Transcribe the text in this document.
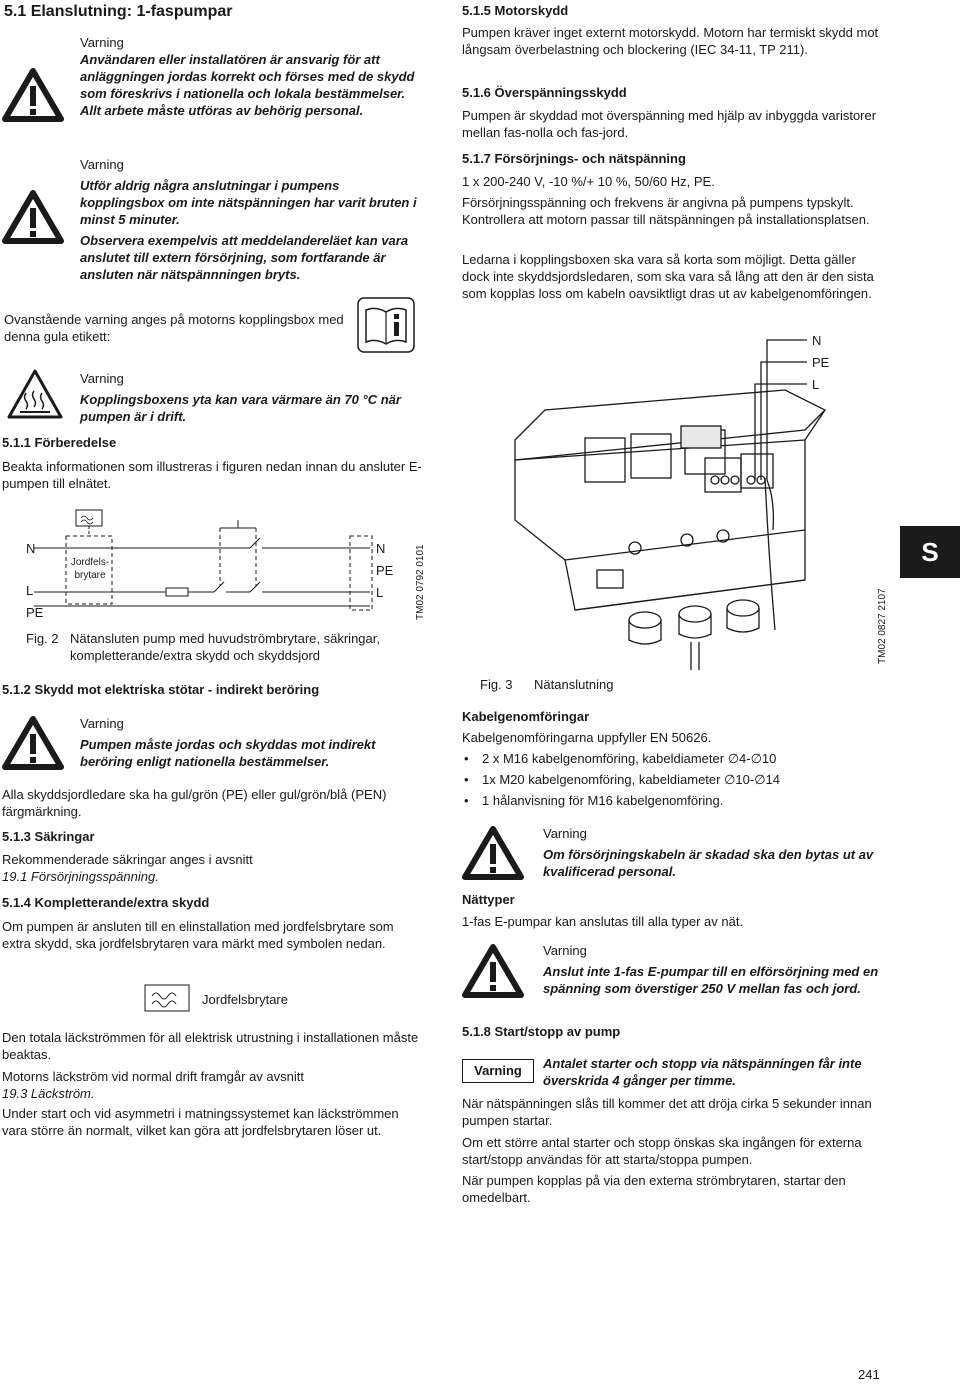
5.1 Elanslutning: 1-faspumpar
Varning
Användaren eller installatören är ansvarig för att anläggningen jordas korrekt och förses med de skydd som föreskrivs i nationella och lokala bestämmelser. Allt arbete måste utföras av behörig personal.
Varning
Utför aldrig några anslutningar i pumpens kopplingsbox om inte nätspänningen har varit bruten i minst 5 minuter.
Observera exempelvis att meddelandereläet kan vara anslutet till extern försörjning, som fortfarande är ansluten när nätspännningen bryts.
Ovanstående varning anges på motorns kopplingsbox med denna gula etikett:
Varning
Kopplingsboxens yta kan vara värmare än 70 °C när pumpen är i drift.
5.1.1 Förberedelse
Beakta informationen som illustreras i figuren nedan innan du ansluter E-pumpen till elnätet.
N
L
PE
Jordfels-
brytare
N
PE
L	TM02 0792 0101
Fig. 2 Nätansluten pump med huvudströmbrytare, säkringar, kompletterande/extra skydd och skyddsjord
5.1.2 Skydd mot elektriska stötar - indirekt beröring
Varning
Pumpen måste jordas och skyddas mot indirekt beröring enligt nationella bestämmelser.
Alla skyddsjordledare ska ha gul/grön (PE) eller gul/grön/blå (PEN) färgmärkning.
5.1.3 Säkringar
Rekommenderade säkringar anges i avsnitt
19.1 Försörjningsspänning.
5.1.4 Kompletterande/extra skydd
Om pumpen är ansluten till en elinstallation med jordfelsbrytare som extra skydd, ska jordfelsbrytaren vara märkt med symbolen nedan.
Jordfelsbrytare
Den totala läckströmmen för all elektrisk utrustning i installationen måste beaktas.
Motorns läckström vid normal drift framgår av avsnitt
19.3 Läckström.
Under start och vid asymmetri i matningssystemet kan läckströmmen vara större än normalt, vilket kan göra att jordfelsbrytaren löser ut.
5.1.5 Motorskydd
Pumpen kräver inget externt motorskydd. Motorn har termiskt skydd mot långsam överbelastning och blockering (IEC 34-11, TP 211).
5.1.6 Överspänningsskydd
Pumpen är skyddad mot överspänning med hjälp av inbyggda varistorer mellan fas-nolla och fas-jord.
5.1.7 Försörjnings- och nätspänning
1 x 200-240 V, -10 %/+ 10 %, 50/60 Hz, PE.
Försörjningsspänning och frekvens är angivna på pumpens typskylt. Kontrollera att motorn passar till nätspänningen på installationsplatsen.
Ledarna i kopplingsboxen ska vara så korta som möjligt. Detta gäller dock inte skyddsjordsledaren, som ska vara så lång att den är den sista som kopplas loss om kabeln oavsiktligt dras ut av kabelgenomföringen.
N
PE
L
TM02 0827 2107
Fig. 3 Nätanslutning
Kabelgenomföringar
Kabelgenomföringarna uppfyller EN 50626.
• 2 x M16 kabelgenomföring, kabeldiameter ∅4-∅10
• 1x M20 kabelgenomföring, kabeldiameter ∅10-∅14
• 1 hålanvisning för M16 kabelgenomföring.
Varning
Om försörjningskabeln är skadad ska den bytas ut av kvalificerad personal.
Nättyper
1-fas E-pumpar kan anslutas till alla typer av nät.
Varning
Anslut inte 1-fas E-pumpar till en elförsörjning med en spänning som överstiger 250 V mellan fas och jord.
5.1.8 Start/stopp av pump
Varning	Antalet starter och stopp via nätspänningen får inte överskrida 4 gånger per timme.
När nätspänningen slås till kommer det att dröja cirka 5 sekunder innan pumpen startar.
Om ett större antal starter och stopp önskas ska ingången för externa start/stopp användas för att starta/stoppa pumpen.
När pumpen kopplas på via den externa strömbrytaren, startar den omedelbart.
S
241
